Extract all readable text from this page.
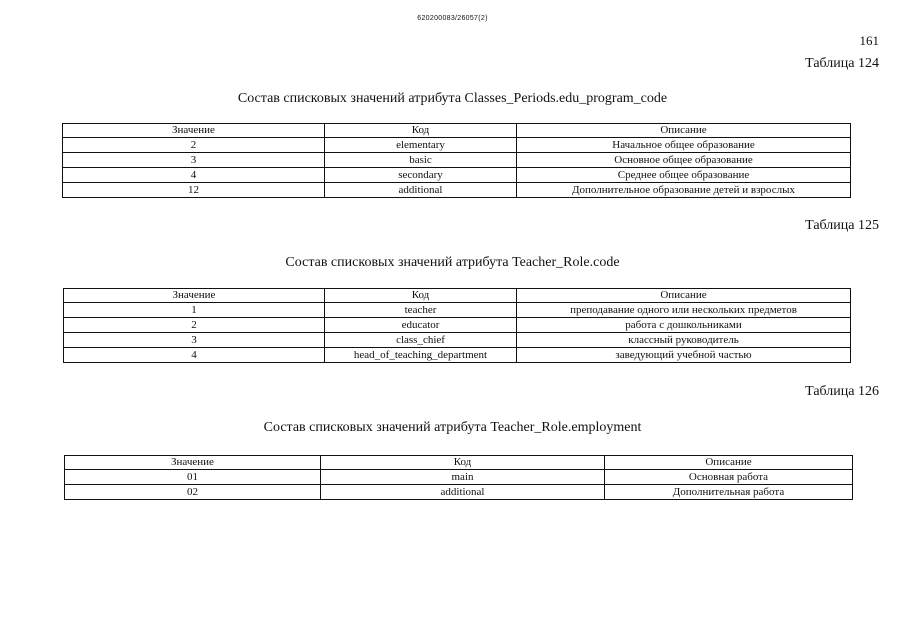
620200083/26057(2)
161
Таблица 124
Состав списковых значений атрибута Classes_Periods.edu_program_code
Значение	Код	Описание
2	elementary	Начальное общее образование
3	basic	Основное общее образование
4	secondary	Среднее общее образование
12	additional	Дополнительное образование детей и взрослых
Таблица 125
Состав списковых значений атрибута Teacher_Role.code
Значение	Код	Описание
1	teacher	преподавание одного или нескольких предметов
2	educator	работа с дошкольниками
3	class_chief	классный руководитель
4	head_of_teaching_department	заведующий учебной частью
Таблица 126
Состав списковых значений атрибута Teacher_Role.employment
Значение	Код	Описание
01	main	Основная работа
02	additional	Дополнительная работа
